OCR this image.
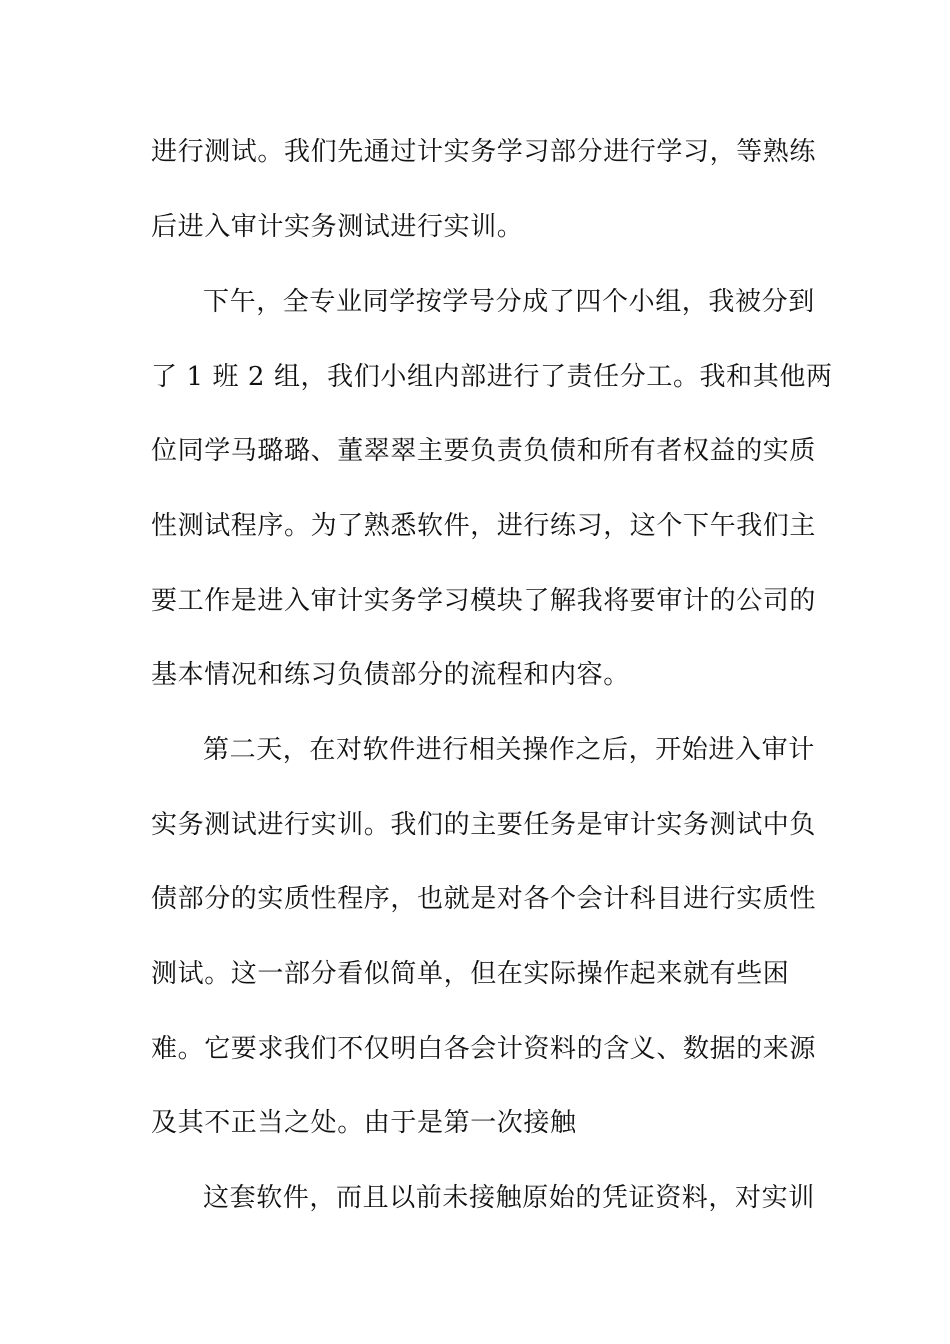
进行测试。我们先通过计实务学习部分进行学习，等熟练
后进入审计实务测试进行实训。
下午，全专业同学按学号分成了四个小组，我被分到
了 1 班 2 组，我们小组内部进行了责任分工。我和其他两
位同学马璐璐、董翠翠主要负责负债和所有者权益的实质
性测试程序。为了熟悉软件，进行练习，这个下午我们主
要工作是进入审计实务学习模块了解我将要审计的公司的
基本情况和练习负债部分的流程和内容。
第二天，在对软件进行相关操作之后，开始进入审计
实务测试进行实训。我们的主要任务是审计实务测试中负
债部分的实质性程序，也就是对各个会计科目进行实质性
测试。这一部分看似简单，但在实际操作起来就有些困
难。它要求我们不仅明白各会计资料的含义、数据的来源
及其不正当之处。由于是第一次接触
这套软件，而且以前未接触原始的凭证资料，对实训
